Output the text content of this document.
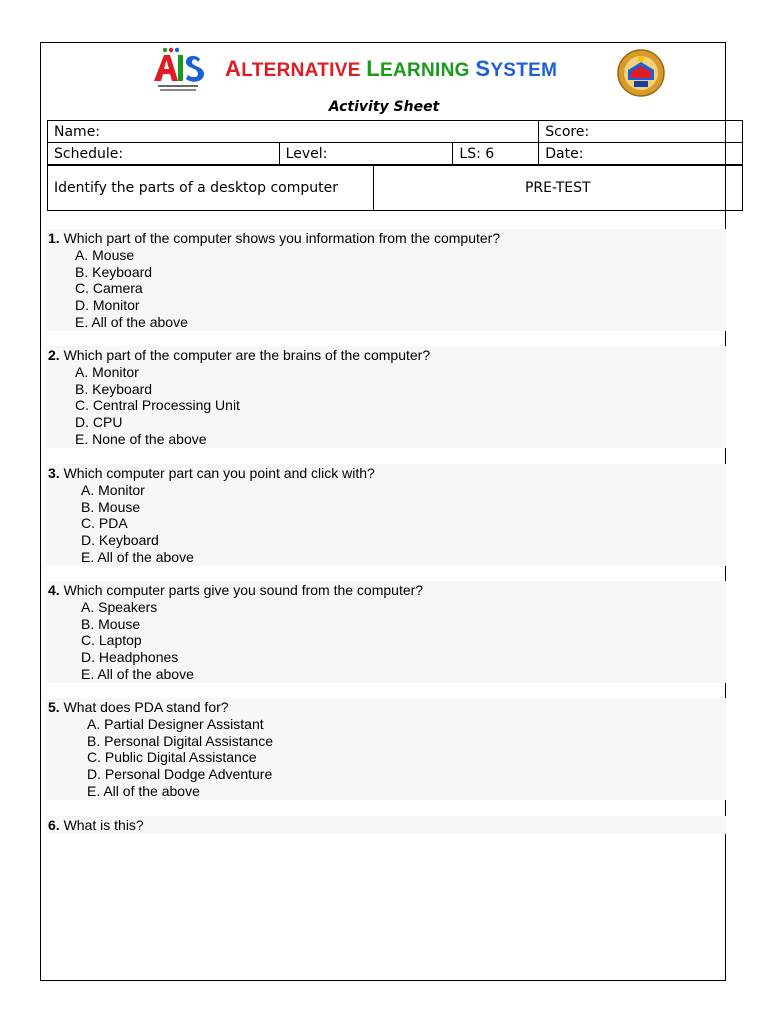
ALTERNATIVE LEARNING SYSTEM
Activity Sheet
Name:			Score:
Schedule:	Level:	LS: 6	Date:
Identify the parts of a desktop computer	PRE-TEST
1. Which part of the computer shows you information from the computer?
A. Mouse
B. Keyboard
C. Camera
D. Monitor
E. All of the above
2. Which part of the computer are the brains of the computer?
A. Monitor
B. Keyboard
C. Central Processing Unit
D. CPU
E. None of the above
3. Which computer part can you point and click with?
A. Monitor
B. Mouse
C. PDA
D. Keyboard
E. All of the above
4. Which computer parts give you sound from the computer?
A. Speakers
B. Mouse
C. Laptop
D. Headphones
E. All of the above
5. What does PDA stand for?
A. Partial Designer Assistant
B. Personal Digital Assistance
C. Public Digital Assistance
D. Personal Dodge Adventure
E. All of the above
6. What is this?
